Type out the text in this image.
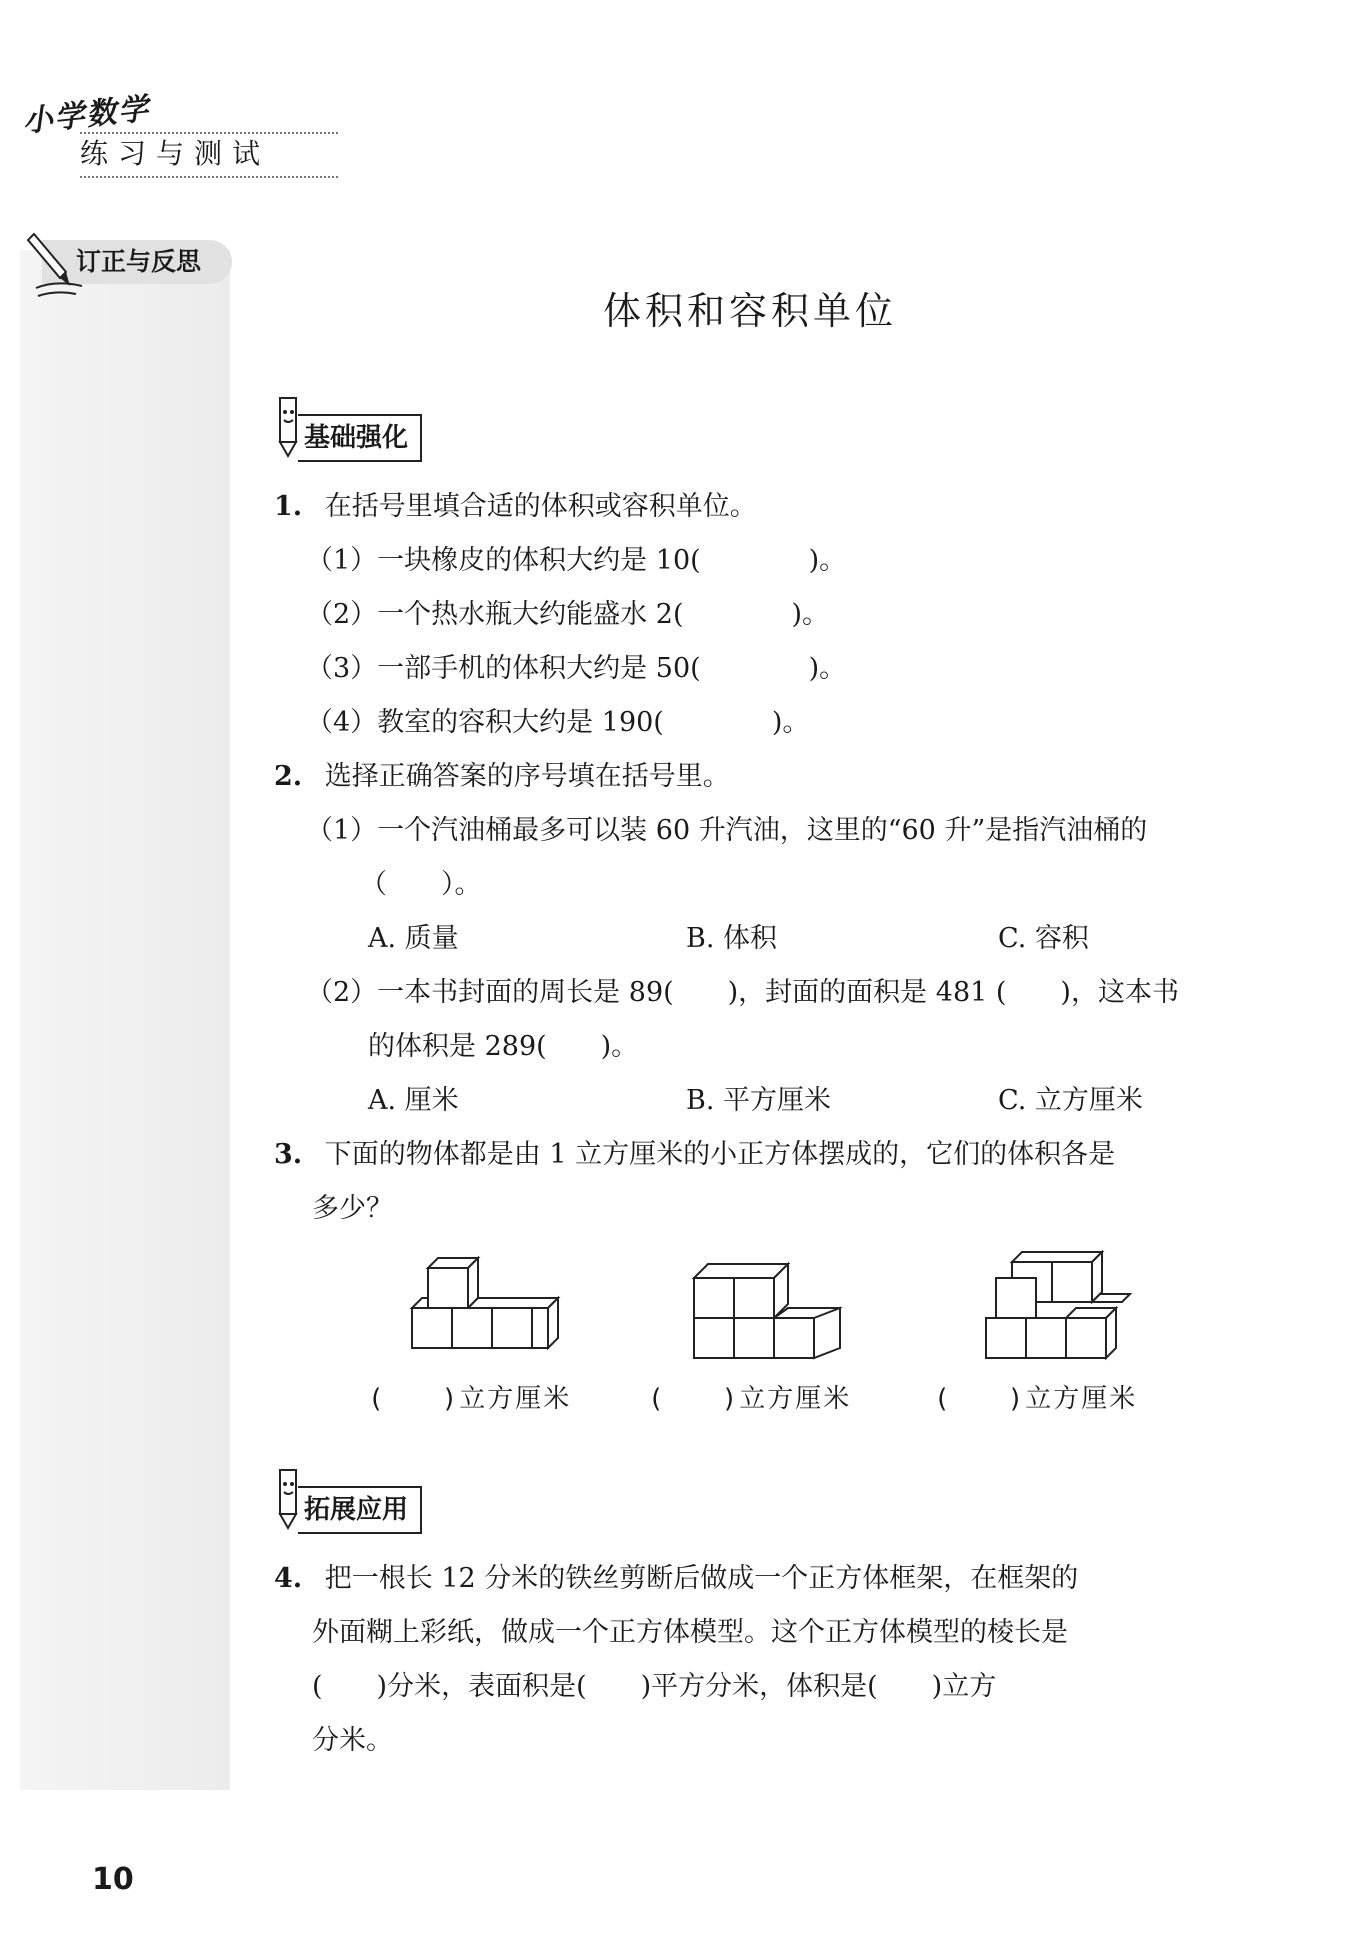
小学数学
练习与测试
订正与反思
体积和容积单位
基础强化
1. 在括号里填合适的体积或容积单位。
（1）一块橡皮的体积大约是 10(　　　　)。
（2）一个热水瓶大约能盛水 2(　　　　)。
（3）一部手机的体积大约是 50(　　　　)。
（4）教室的容积大约是 190(　　　　)。
2. 选择正确答案的序号填在括号里。
（1）一个汽油桶最多可以装 60 升汽油，这里的“60 升”是指汽油桶的
（　　）。
A. 质量	B. 体积	C. 容积
（2）一本书封面的周长是 89(　　)，封面的面积是 481 (　　)，这本书
的体积是 289(　　)。
A. 厘米	B. 平方厘米	C. 立方厘米
3. 下面的物体都是由 1 立方厘米的小正方体摆成的，它们的体积各是
多少？
(　　)立方厘米	(　　)立方厘米	(　　)立方厘米
拓展应用
4. 把一根长 12 分米的铁丝剪断后做成一个正方体框架，在框架的
外面糊上彩纸，做成一个正方体模型。这个正方体模型的棱长是
(　　)分米，表面积是(　　)平方分米，体积是(　　)立方
分米。
10
